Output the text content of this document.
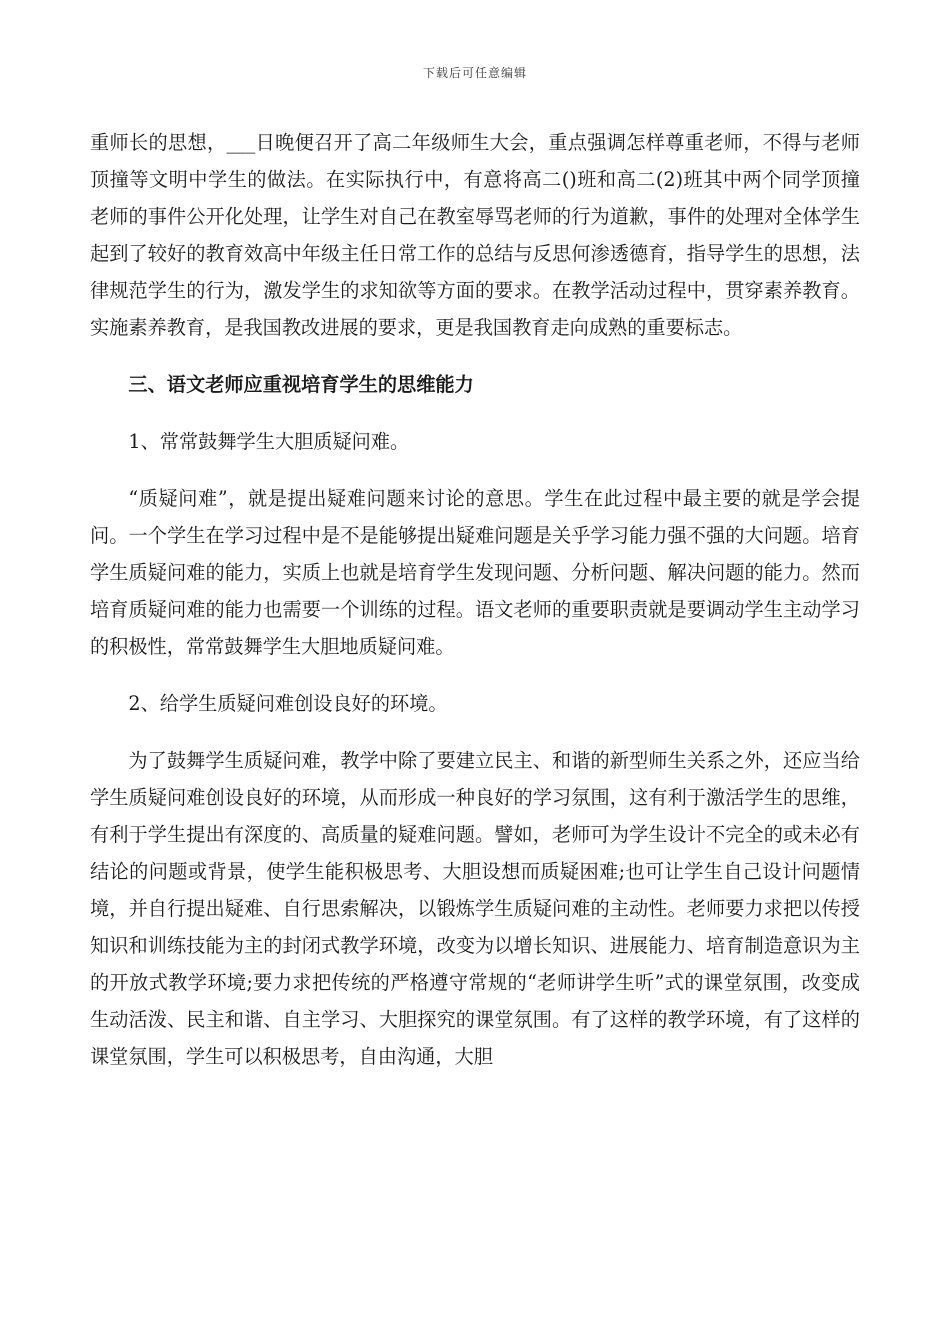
下载后可任意编辑

重师长的思想，___日晚便召开了高二年级师生大会，重点强调怎样尊重老师，不得与老师顶撞等文明中学生的做法。在实际执行中，有意将高二()班和高二(2)班其中两个同学顶撞老师的事件公开化处理，让学生对自己在教室辱骂老师的行为道歉，事件的处理对全体学生起到了较好的教育效高中年级主任日常工作的总结与反思何渗透德育，指导学生的思想，法律规范学生的行为，激发学生的求知欲等方面的要求。在教学活动过程中，贯穿素养教育。实施素养教育，是我国教改进展的要求，更是我国教育走向成熟的重要标志。

三、语文老师应重视培育学生的思维能力

1、常常鼓舞学生大胆质疑问难。

“质疑问难”，就是提出疑难问题来讨论的意思。学生在此过程中最主要的就是学会提问。一个学生在学习过程中是不是能够提出疑难问题是关乎学习能力强不强的大问题。培育学生质疑问难的能力，实质上也就是培育学生发现问题、分析问题、解决问题的能力。然而培育质疑问难的能力也需要一个训练的过程。语文老师的重要职责就是要调动学生主动学习的积极性，常常鼓舞学生大胆地质疑问难。

2、给学生质疑问难创设良好的环境。

为了鼓舞学生质疑问难，教学中除了要建立民主、和谐的新型师生关系之外，还应当给学生质疑问难创设良好的环境，从而形成一种良好的学习氛围，这有利于激活学生的思维，有利于学生提出有深度的、高质量的疑难问题。譬如，老师可为学生设计不完全的或未必有结论的问题或背景，使学生能积极思考、大胆设想而质疑困难;也可让学生自己设计问题情境，并自行提出疑难、自行思索解决，以锻炼学生质疑问难的主动性。老师要力求把以传授知识和训练技能为主的封闭式教学环境，改变为以增长知识、进展能力、培育制造意识为主的开放式教学环境;要力求把传统的严格遵守常规的“老师讲学生听”式的课堂氛围，改变成生动活泼、民主和谐、自主学习、大胆探究的课堂氛围。有了这样的教学环境，有了这样的课堂氛围，学生可以积极思考，自由沟通，大胆
